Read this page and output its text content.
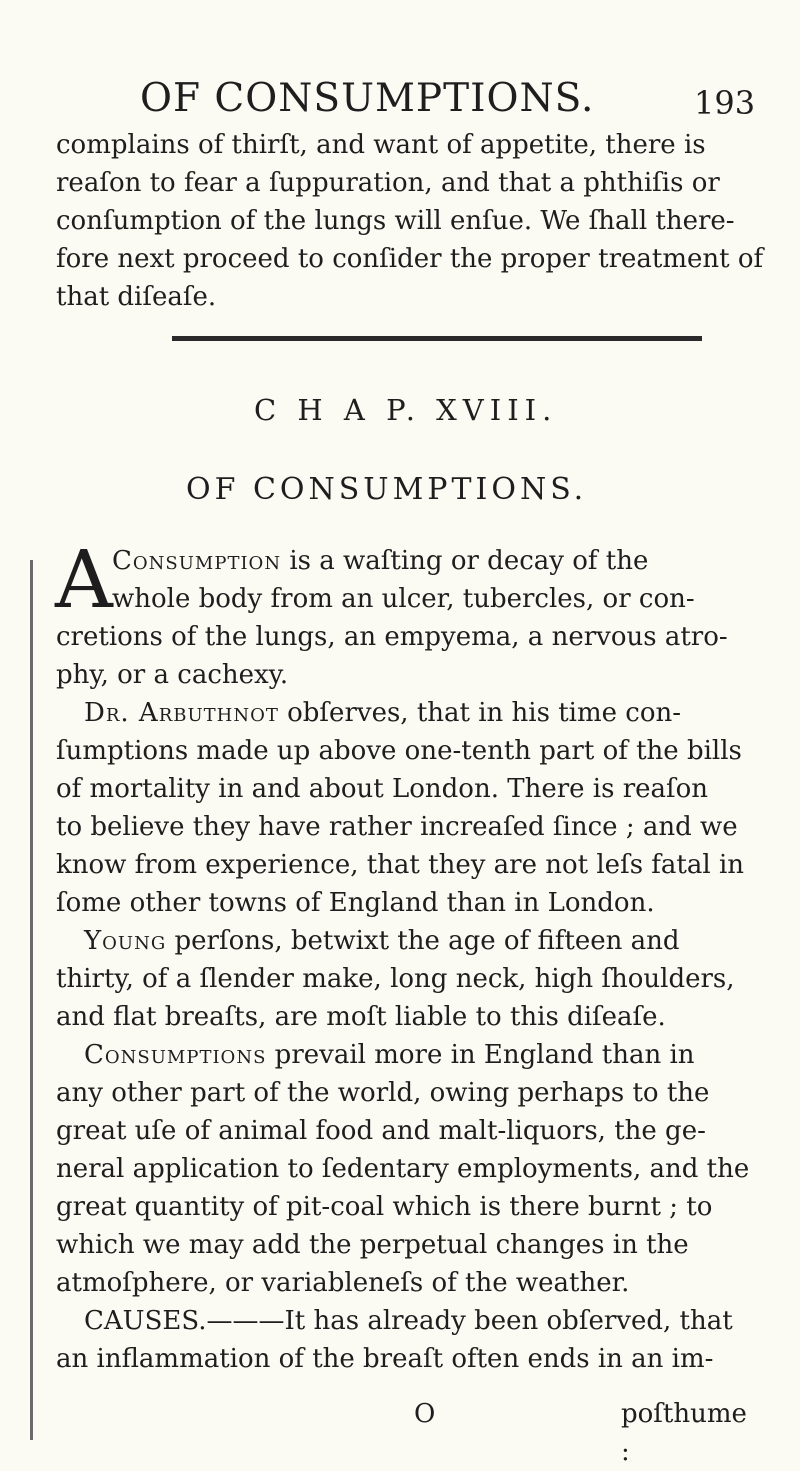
OF CONSUMPTIONS.	193
complains of thirſt, and want of appetite, there is
reaſon to fear a ſuppuration, and that a phthiſis or
conſumption of the lungs will enſue. We ſhall there-
fore next proceed to conſider the proper treatment of
that diſeaſe.
C H A P. XVIII.
OF CONSUMPTIONS.
A Consumption is a waſting or decay of the
whole body from an ulcer, tubercles, or con-
cretions of the lungs, an empyema, a nervous atro-
phy, or a cachexy.
Dr. Arbuthnot obſerves, that in his time con-
ſumptions made up above one-tenth part of the bills
of mortality in and about London. There is reaſon
to believe they have rather increaſed ſince ; and we
know from experience, that they are not leſs fatal in
ſome other towns of England than in London.
Young perſons, betwixt the age of fifteen and
thirty, of a ſlender make, long neck, high ſhoulders,
and flat breaſts, are moſt liable to this diſeaſe.
Consumptions prevail more in England than in
any other part of the world, owing perhaps to the
great uſe of animal food and malt-liquors, the ge-
neral application to ſedentary employments, and the
great quantity of pit-coal which is there burnt ; to
which we may add the perpetual changes in the
atmoſphere, or variableneſs of the weather.
CAUSES.———It has already been obſerved, that
an inflammation of the breaſt often ends in an im-
O	poſthume :
